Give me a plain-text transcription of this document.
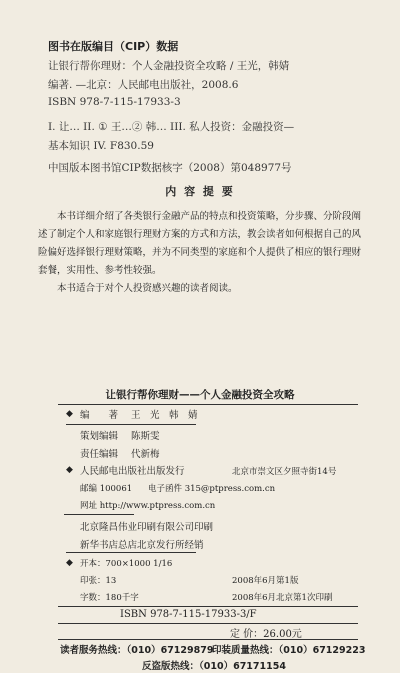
图书在版编目（CIP）数据
让银行帮你理财：个人金融投资全攻略 / 王光，韩婧
编著. —北京：人民邮电出版社，2008.6
ISBN 978-7-115-17933-3
I. 让… II. ① 王…② 韩… III. 私人投资：金融投资—
基本知识 IV. F830.59
中国版本图书馆CIP数据核字（2008）第048977号
内 容 提 要

本书详细介绍了各类银行金融产品的特点和投资策略，分步骤、分阶段阐述了制定个人和家庭银行理财方案的方式和方法，教会读者如何根据自己的风险偏好选择银行理财策略，并为不同类型的家庭和个人提供了相应的银行理财套餐，实用性、参考性较强。

本书适合于对个人投资感兴趣的读者阅读。

让银行帮你理财——个人金融投资全攻略
◆ 编　　著 王　光　韩　婧
策划编辑 陈斯雯
责任编辑 代新梅
◆ 人民邮电出版社出版发行	北京市崇文区夕照寺街14号
邮编 100061 电子函件 315@ptpress.com.cn
网址 http://www.ptpress.com.cn
北京隆昌伟业印刷有限公司印刷
新华书店总店北京发行所经销
◆ 开本：700×1000 1/16
印张：13	2008年6月第1版
字数：180千字	2008年6月北京第1次印刷
ISBN 978-7-115-17933-3/F
定 价：26.00元
读者服务热线：（010）67129879
印装质量热线：（010）67129223
反盗版热线：（010）67171154
